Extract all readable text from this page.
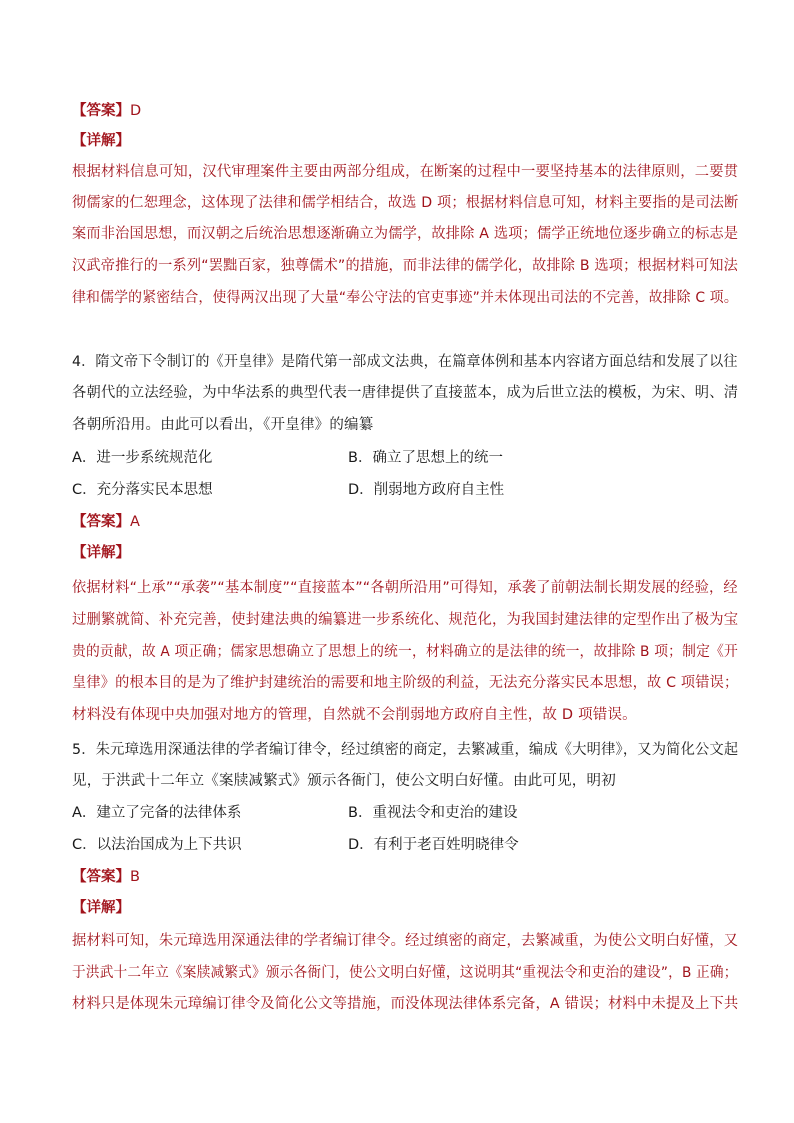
【答案】D
【详解】
根据材料信息可知，汉代审理案件主要由两部分组成，在断案的过程中一要坚持基本的法律原则，二要贯
彻儒家的仁恕理念，这体现了法律和儒学相结合，故选 D 项；根据材料信息可知，材料主要指的是司法断
案而非治国思想，而汉朝之后统治思想逐渐确立为儒学，故排除 A 选项；儒学正统地位逐步确立的标志是
汉武帝推行的一系列“罢黜百家，独尊儒术”的措施，而非法律的儒学化，故排除 B 选项；根据材料可知法
律和儒学的紧密结合，使得两汉出现了大量“奉公守法的官吏事迹”并未体现出司法的不完善，故排除 C 项。
4．隋文帝下令制订的《开皇律》是隋代第一部成文法典，在篇章体例和基本内容诸方面总结和发展了以往
各朝代的立法经验，为中华法系的典型代表一唐律提供了直接蓝本，成为后世立法的模板，为宋、明、清
各朝所沿用。由此可以看出，《开皇律》的编纂
A．进一步系统规范化	B．确立了思想上的统一
C．充分落实民本思想	D．削弱地方政府自主性
【答案】A
【详解】
依据材料“上承”“承袭”“基本制度”“直接蓝本”“各朝所沿用”可得知，承袭了前朝法制长期发展的经验，经
过删繁就简、补充完善，使封建法典的编纂进一步系统化、规范化，为我国封建法律的定型作出了极为宝
贵的贡献，故 A 项正确；儒家思想确立了思想上的统一，材料确立的是法律的统一，故排除 B 项；制定《开
皇律》的根本目的是为了维护封建统治的需要和地主阶级的利益，无法充分落实民本思想，故 C 项错误；
材料没有体现中央加强对地方的管理，自然就不会削弱地方政府自主性，故 D 项错误。
5．朱元璋选用深通法律的学者编订律令，经过缜密的商定，去繁减重，编成《大明律》，又为简化公文起
见，于洪武十二年立《案牍减繁式》颁示各衙门，使公文明白好懂。由此可见，明初
A．建立了完备的法律体系	B．重视法令和吏治的建设
C．以法治国成为上下共识	D．有利于老百姓明晓律令
【答案】B
【详解】
据材料可知，朱元璋选用深通法律的学者编订律令。经过缜密的商定，去繁减重，为使公文明白好懂，又
于洪武十二年立《案牍减繁式》颁示各衙门，使公文明白好懂，这说明其“重视法令和吏治的建设”，B 正确；
材料只是体现朱元璋编订律令及简化公文等措施，而没体现法律体系完备，A 错误；材料中未提及上下共
